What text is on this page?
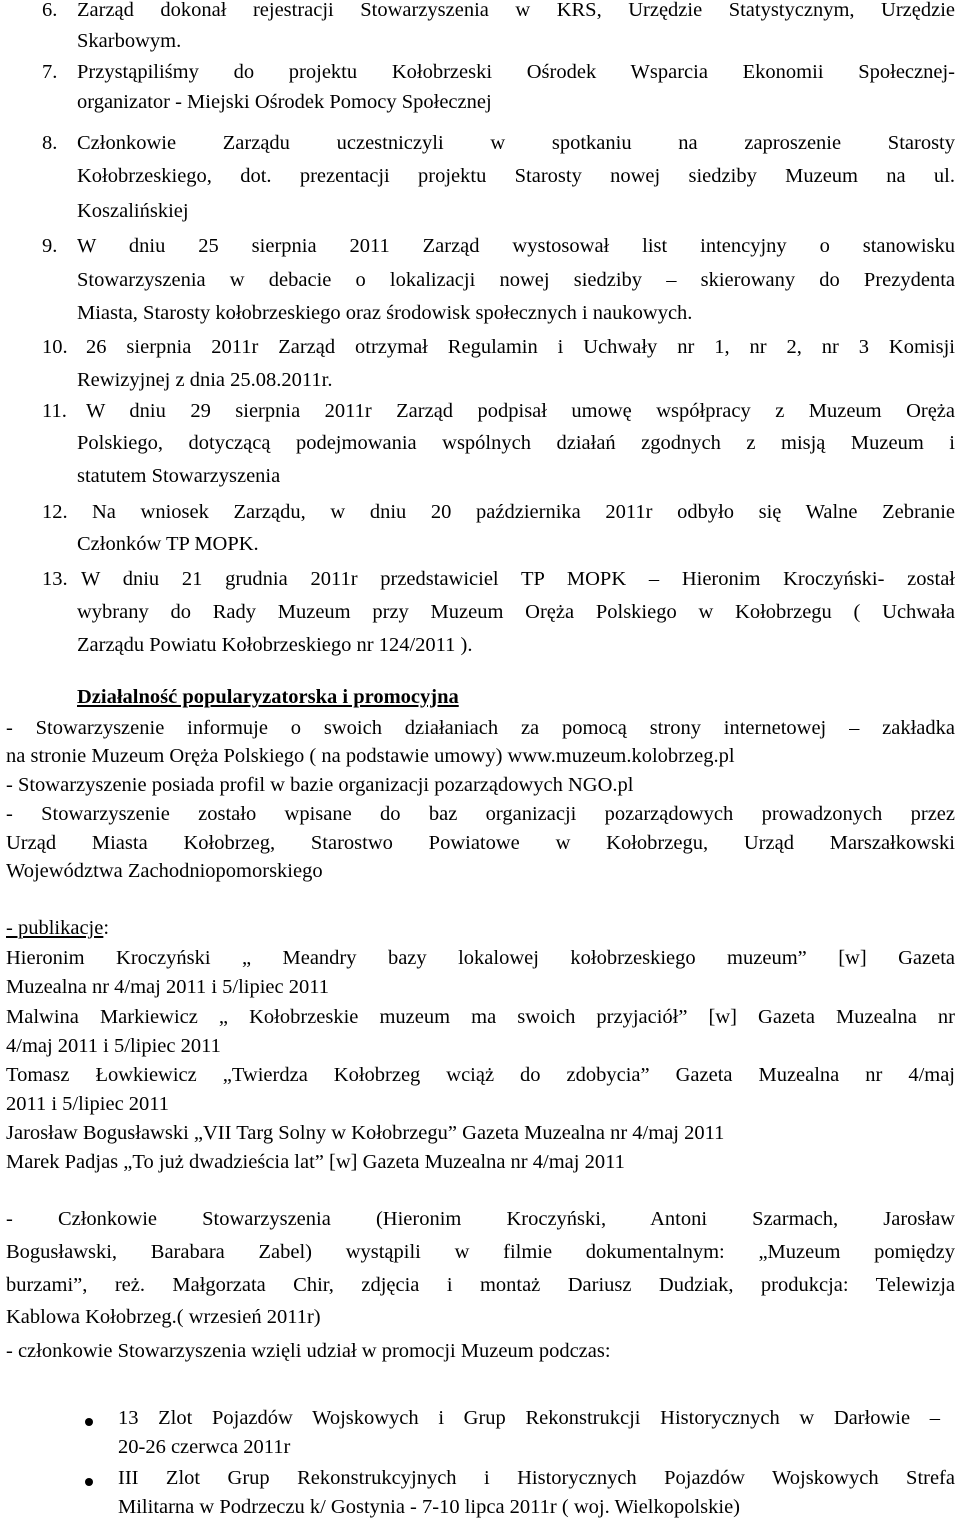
6. Zarząd dokonał rejestracji Stowarzyszenia w KRS, Urzędzie Statystycznym, Urzędzie
Skarbowym.
7. Przystąpiliśmy do projektu Kołobrzeski Ośrodek Wsparcia Ekonomii Społecznej-
organizator - Miejski Ośrodek Pomocy Społecznej
8. Członkowie Zarządu uczestniczyli w spotkaniu na zaproszenie Starosty
Kołobrzeskiego, dot. prezentacji projektu Starosty nowej siedziby Muzeum na ul.
Koszalińskiej
9. W dniu 25 sierpnia 2011 Zarząd wystosował list intencyjny o stanowisku
Stowarzyszenia w debacie o lokalizacji nowej siedziby – skierowany do Prezydenta
Miasta, Starosty kołobrzeskiego oraz środowisk społecznych i naukowych.
10. 26 sierpnia 2011r Zarząd otrzymał Regulamin i Uchwały nr 1, nr 2, nr 3 Komisji
Rewizyjnej z dnia 25.08.2011r.
11. W dniu 29 sierpnia 2011r Zarząd podpisał umowę współpracy z Muzeum Oręża
Polskiego, dotyczącą podejmowania wspólnych działań zgodnych z misją Muzeum i
statutem Stowarzyszenia
12.	Na wniosek Zarządu, w dniu 20 października 2011r odbyło się Walne Zebranie
Członków TP MOPK.
13. W dniu 21 grudnia 2011r przedstawiciel TP MOPK – Hieronim Kroczyński- został
wybrany do Rady Muzeum przy Muzeum Oręża Polskiego w Kołobrzegu ( Uchwała
Zarządu Powiatu Kołobrzeskiego nr 124/2011 ).
Działalność popularyzatorska i promocyjna
- Stowarzyszenie informuje o swoich działaniach za pomocą strony internetowej – zakładka
na stronie Muzeum Oręża Polskiego ( na podstawie umowy) www.muzeum.kolobrzeg.pl
- Stowarzyszenie posiada profil w bazie organizacji pozarządowych NGO.pl
- Stowarzyszenie zostało wpisane do baz organizacji pozarządowych prowadzonych przez
Urząd Miasta Kołobrzeg, Starostwo Powiatowe w Kołobrzegu, Urząd Marszałkowski
Województwa Zachodniopomorskiego
- publikacje:
Hieronim Kroczyński „ Meandry bazy lokalowej kołobrzeskiego muzeum” [w] Gazeta
Muzealna nr 4/maj 2011 i 5/lipiec 2011
Malwina Markiewicz „ Kołobrzeskie muzeum ma swoich przyjaciół” [w] Gazeta Muzealna nr
4/maj 2011 i 5/lipiec 2011
Tomasz Łowkiewicz „Twierdza Kołobrzeg wciąż do zdobycia” Gazeta Muzealna nr 4/maj
2011 i 5/lipiec 2011
Jarosław Bogusławski „VII Targ Solny w Kołobrzegu” Gazeta Muzealna nr 4/maj 2011
Marek Padjas „To już dwadzieścia lat” [w] Gazeta Muzealna nr 4/maj 2011
- Członkowie Stowarzyszenia (Hieronim Kroczyński, Antoni Szarmach, Jarosław
Bogusławski, Barabara Zabel) wystąpili w filmie dokumentalnym: „Muzeum pomiędzy
burzami”, reż. Małgorzata Chir, zdjęcia i montaż Dariusz Dudziak, produkcja: Telewizja
Kablowa Kołobrzeg.( wrzesień 2011r)
- członkowie Stowarzyszenia wzięli udział w promocji Muzeum podczas:
13 Zlot Pojazdów Wojskowych i Grup Rekonstrukcji Historycznych w Darłowie –
20-26 czerwca 2011r
III Zlot Grup Rekonstrukcyjnych i Historycznych Pojazdów Wojskowych Strefa
Militarna w Podrzeczu k/ Gostynia - 7-10 lipca 2011r ( woj. Wielkopolskie)
